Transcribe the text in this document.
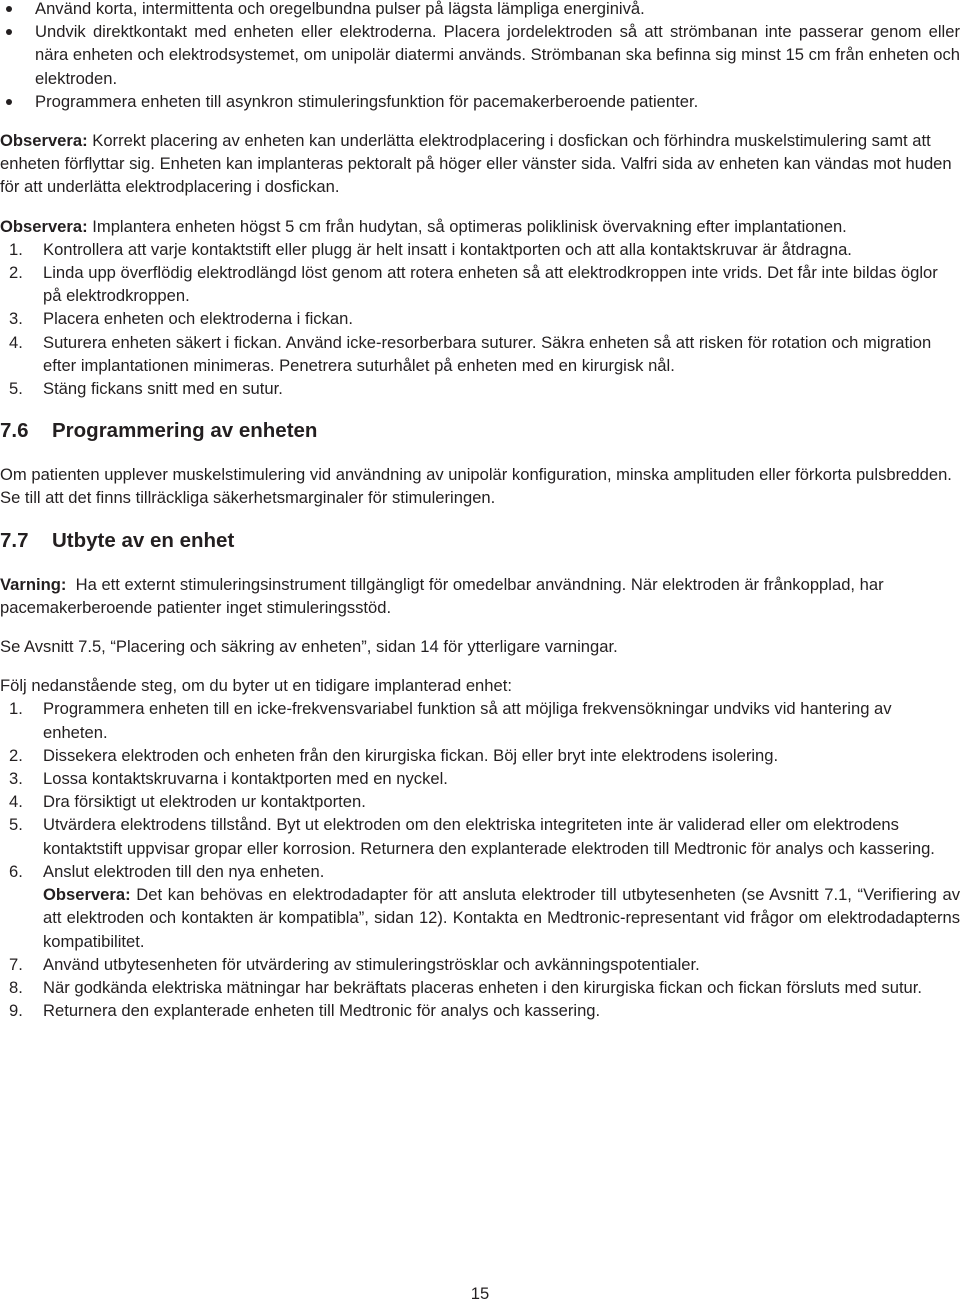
Använd korta, intermittenta och oregelbundna pulser på lägsta lämpliga energinivå.
Undvik direktkontakt med enheten eller elektroderna. Placera jordelektroden så att strömbanan inte passerar genom eller nära enheten och elektrodsystemet, om unipolär diatermi används. Strömbanan ska befinna sig minst 15 cm från enheten och elektroden.
Programmera enheten till asynkron stimuleringsfunktion för pacemakerberoende patienter.

Observera: Korrekt placering av enheten kan underlätta elektrodplacering i dosfickan och förhindra muskelstimulering samt att enheten förflyttar sig. Enheten kan implanteras pektoralt på höger eller vänster sida. Valfri sida av enheten kan vändas mot huden för att underlätta elektrodplacering i dosfickan.

Observera: Implantera enheten högst 5 cm från hudytan, så optimeras poliklinisk övervakning efter implantationen.

1. Kontrollera att varje kontaktstift eller plugg är helt insatt i kontaktporten och att alla kontaktskruvar är åtdragna.
2. Linda upp överflödig elektrodlängd löst genom att rotera enheten så att elektrodkroppen inte vrids. Det får inte bildas öglor på elektrodkroppen.
3. Placera enheten och elektroderna i fickan.
4. Suturera enheten säkert i fickan. Använd icke-resorberbara suturer. Säkra enheten så att risken för rotation och migration efter implantationen minimeras. Penetrera suturhålet på enheten med en kirurgisk nål.
5. Stäng fickans snitt med en sutur.
7.6	Programmering av enheten

Om patienten upplever muskelstimulering vid användning av unipolär konfiguration, minska amplituden eller förkorta pulsbredden. Se till att det finns tillräckliga säkerhetsmarginaler för stimuleringen.

7.7	Utbyte av en enhet

Varning: Ha ett externt stimuleringsinstrument tillgängligt för omedelbar användning. När elektroden är frånkopplad, har pacemakerberoende patienter inget stimuleringsstöd.

Se Avsnitt 7.5, “Placering och säkring av enheten”, sidan 14 för ytterligare varningar.

Följ nedanstående steg, om du byter ut en tidigare implanterad enhet:

1. Programmera enheten till en icke-frekvensvariabel funktion så att möjliga frekvensökningar undviks vid hantering av enheten.
2. Dissekera elektroden och enheten från den kirurgiska fickan. Böj eller bryt inte elektrodens isolering.
3. Lossa kontaktskruvarna i kontaktporten med en nyckel.
4. Dra försiktigt ut elektroden ur kontaktporten.
5. Utvärdera elektrodens tillstånd. Byt ut elektroden om den elektriska integriteten inte är validerad eller om elektrodens kontaktstift uppvisar gropar eller korrosion. Returnera den explanterade elektroden till Medtronic för analys och kassering.
6. Anslut elektroden till den nya enheten.

Observera: Det kan behövas en elektrodadapter för att ansluta elektroder till utbytesenheten (se Avsnitt 7.1, “Verifiering av att elektroden och kontakten är kompatibla”, sidan 12). Kontakta en Medtronic-representant vid frågor om elektrodadapterns kompatibilitet.
7. Använd utbytesenheten för utvärdering av stimuleringströsklar och avkänningspotentialer.
8. När godkända elektriska mätningar har bekräftats placeras enheten i den kirurgiska fickan och fickan försluts med sutur.
9. Returnera den explanterade enheten till Medtronic för analys och kassering.
15
